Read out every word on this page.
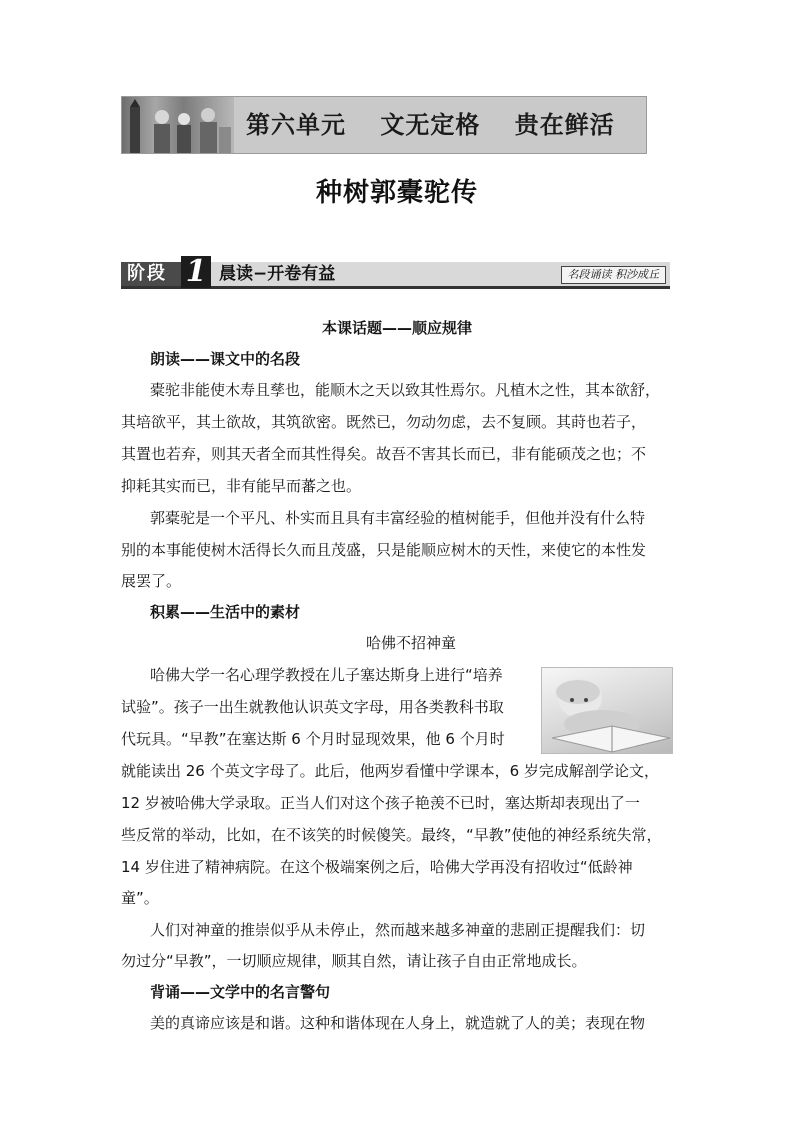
第六单元　 文无定格　 贵在鲜活
种树郭橐驼传
阶段 1 晨读−开卷有益	名段诵读 积沙成丘
本课话题——顺应规律
朗读——课文中的名段
橐驼非能使木寿且孳也，能顺木之天以致其性焉尔。凡植木之性，其本欲舒，
其培欲平，其土欲故，其筑欲密。既然已，勿动勿虑，去不复顾。其莳也若子，
其置也若弃，则其天者全而其性得矣。故吾不害其长而已，非有能硕茂之也；不
抑耗其实而已，非有能早而蕃之也。
郭橐驼是一个平凡、朴实而且具有丰富经验的植树能手，但他并没有什么特
别的本事能使树木活得长久而且茂盛，只是能顺应树木的天性，来使它的本性发
展罢了。
积累——生活中的素材
哈佛不招神童
哈佛大学一名心理学教授在儿子塞达斯身上进行“培养
试验”。孩子一出生就教他认识英文字母，用各类教科书取
代玩具。“早教”在塞达斯 6 个月时显现效果，他 6 个月时
就能读出 26 个英文字母了。此后，他两岁看懂中学课本，6 岁完成解剖学论文，
12 岁被哈佛大学录取。正当人们对这个孩子艳羡不已时，塞达斯却表现出了一
些反常的举动，比如，在不该笑的时候傻笑。最终，“早教”使他的神经系统失常，
14 岁住进了精神病院。在这个极端案例之后，哈佛大学再没有招收过“低龄神
童”。
人们对神童的推崇似乎从未停止，然而越来越多神童的悲剧正提醒我们：切
勿过分“早教”，一切顺应规律，顺其自然，请让孩子自由正常地成长。
背诵——文学中的名言警句
美的真谛应该是和谐。这种和谐体现在人身上，就造就了人的美；表现在物
